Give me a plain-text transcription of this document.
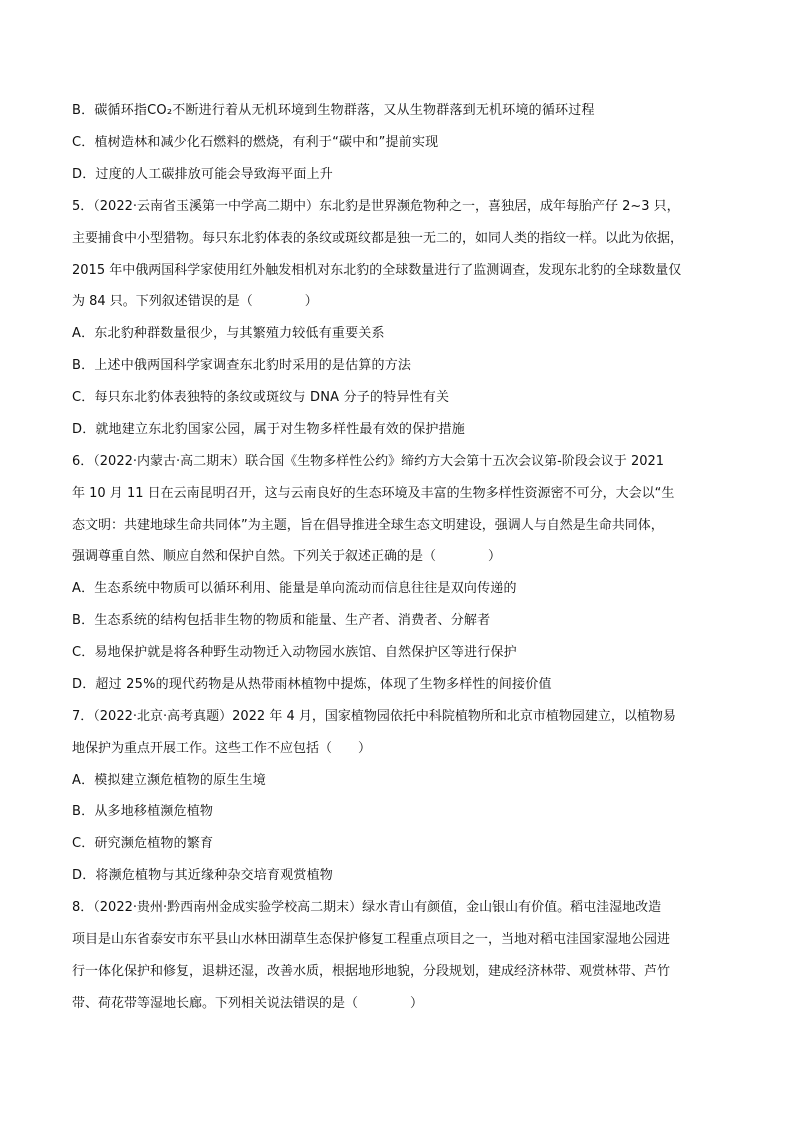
B．碳循环指CO₂不断进行着从无机环境到生物群落，又从生物群落到无机环境的循环过程
C．植树造林和减少化石燃料的燃烧，有利于“碳中和”提前实现
D．过度的人工碳排放可能会导致海平面上升
5．（2022·云南省玉溪第一中学高二期中）东北豹是世界濒危物种之一，喜独居，成年每胎产仔 2~3 只，
主要捕食中小型猎物。每只东北豹体表的条纹或斑纹都是独一无二的，如同人类的指纹一样。以此为依据，
2015 年中俄两国科学家使用红外触发相机对东北豹的全球数量进行了监测调查，发现东北豹的全球数量仅
为 84 只。下列叙述错误的是（　　　　）
A．东北豹种群数量很少，与其繁殖力较低有重要关系
B．上述中俄两国科学家调查东北豹时采用的是估算的方法
C．每只东北豹体表独特的条纹或斑纹与 DNA 分子的特异性有关
D．就地建立东北豹国家公园，属于对生物多样性最有效的保护措施
6．（2022·内蒙古·高二期末）联合国《生物多样性公约》缔约方大会第十五次会议第-阶段会议于 2021
年 10 月 11 日在云南昆明召开，这与云南良好的生态环境及丰富的生物多样性资源密不可分，大会以“生
态文明：共建地球生命共同体”为主题，旨在倡导推进全球生态文明建设，强调人与自然是生命共同体，
强调尊重自然、顺应自然和保护自然。下列关于叙述正确的是（　　　　）
A．生态系统中物质可以循环利用、能量是单向流动而信息往往是双向传递的
B．生态系统的结构包括非生物的物质和能量、生产者、消费者、分解者
C．易地保护就是将各种野生动物迁入动物园水族馆、自然保护区等进行保护
D．超过 25%的现代药物是从热带雨林植物中提炼，体现了生物多样性的间接价值
7．（2022·北京·高考真题）2022 年 4 月，国家植物园依托中科院植物所和北京市植物园建立，以植物易
地保护为重点开展工作。这些工作不应包括（　　）
A．模拟建立濒危植物的原生生境
B．从多地移植濒危植物
C．研究濒危植物的繁育
D．将濒危植物与其近缘种杂交培育观赏植物
8．（2022·贵州·黔西南州金成实验学校高二期末）绿水青山有颜值，金山银山有价值。稻屯洼湿地改造
项目是山东省泰安市东平县山水林田湖草生态保护修复工程重点项目之一，当地对稻屯洼国家湿地公园进
行一体化保护和修复，退耕还湿，改善水质，根据地形地貌，分段规划，建成经济林带、观赏林带、芦竹
带、荷花带等湿地长廊。下列相关说法错误的是（　　　　）
